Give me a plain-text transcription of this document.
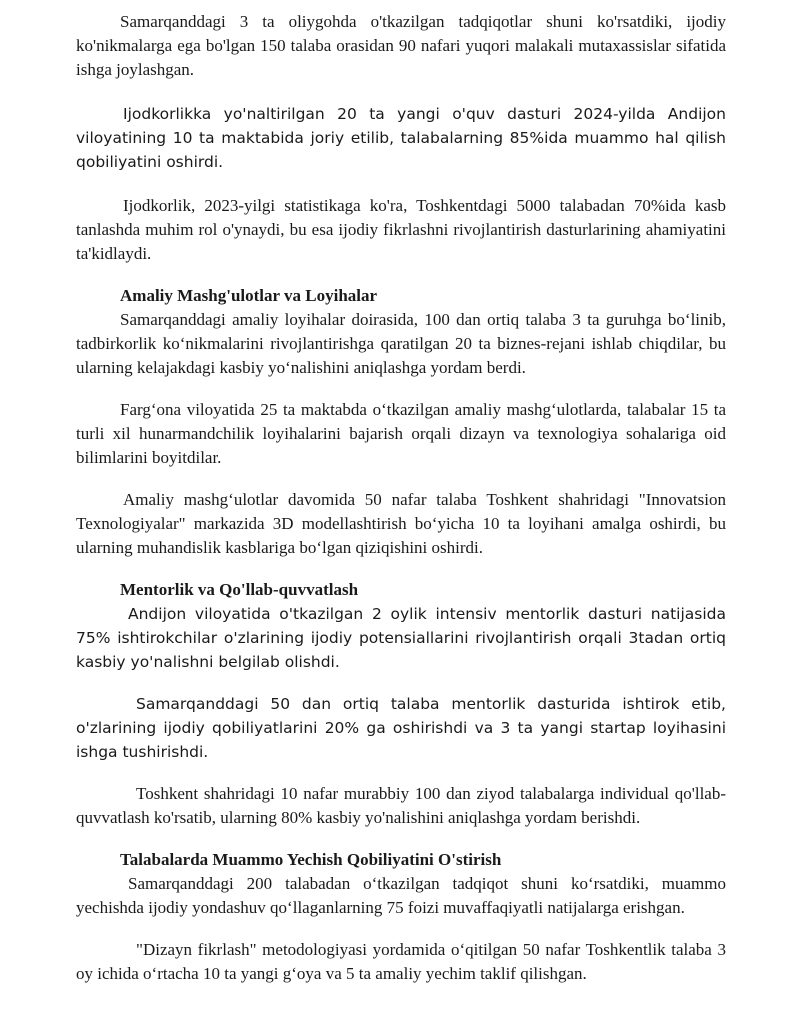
Samarqanddagi 3 ta oliygohda o'tkazilgan tadqiqotlar shuni ko'rsatdiki, ijodiy ko'nikmalarga ega bo'lgan 150 talaba orasidan 90 nafari yuqori malakali mutaxassislar sifatida ishga joylashgan.

Ijodkorlikka yo'naltirilgan 20 ta yangi o'quv dasturi 2024-yilda Andijon viloyatining 10 ta maktabida joriy etilib, talabalarning 85%ida muammo hal qilish qobiliyatini oshirdi.

Ijodkorlik, 2023-yilgi statistikaga ko'ra, Toshkentdagi 5000 talabadan 70%ida kasb tanlashda muhim rol o'ynaydi, bu esa ijodiy fikrlashni rivojlantirish dasturlarining ahamiyatini ta'kidlaydi.

Amaliy Mashg'ulotlar va Loyihalar

Samarqanddagi amaliy loyihalar doirasida, 100 dan ortiq talaba 3 ta guruhga bo‘linib, tadbirkorlik ko‘nikmalarini rivojlantirishga qaratilgan 20 ta biznes-rejani ishlab chiqdilar, bu ularning kelajakdagi kasbiy yo‘nalishini aniqlashga yordam berdi.

Farg‘ona viloyatida 25 ta maktabda o‘tkazilgan amaliy mashg‘ulotlarda, talabalar 15 ta turli xil hunarmandchilik loyihalarini bajarish orqali dizayn va texnologiya sohalariga oid bilimlarini boyitdilar.

Amaliy mashg‘ulotlar davomida 50 nafar talaba Toshkent shahridagi "Innovatsion Texnologiyalar" markazida 3D modellashtirish bo‘yicha 10 ta loyihani amalga oshirdi, bu ularning muhandislik kasblariga bo‘lgan qiziqishini oshirdi.

Mentorlik va Qo'llab-quvvatlash

Andijon viloyatida o'tkazilgan 2 oylik intensiv mentorlik dasturi natijasida 75% ishtirokchilar o'zlarining ijodiy potensiallarini rivojlantirish orqali 3tadan ortiq kasbiy yo'nalishni belgilab olishdi.

Samarqanddagi 50 dan ortiq talaba mentorlik dasturida ishtirok etib, o'zlarining ijodiy qobiliyatlarini 20% ga oshirishdi va 3 ta yangi startap loyihasini ishga tushirishdi.

Toshkent shahridagi 10 nafar murabbiy 100 dan ziyod talabalarga individual qo'llab-quvvatlash ko'rsatib, ularning 80% kasbiy yo'nalishini aniqlashga yordam berishdi.

Talabalarda Muammo Yechish Qobiliyatini O'stirish

Samarqanddagi 200 talabadan o‘tkazilgan tadqiqot shuni ko‘rsatdiki, muammo yechishda ijodiy yondashuv qo‘llaganlarning 75 foizi muvaffaqiyatli natijalarga erishgan.

"Dizayn fikrlash" metodologiyasi yordamida o‘qitilgan 50 nafar Toshkentlik talaba 3 oy ichida o‘rtacha 10 ta yangi g‘oya va 5 ta amaliy yechim taklif qilishgan.
